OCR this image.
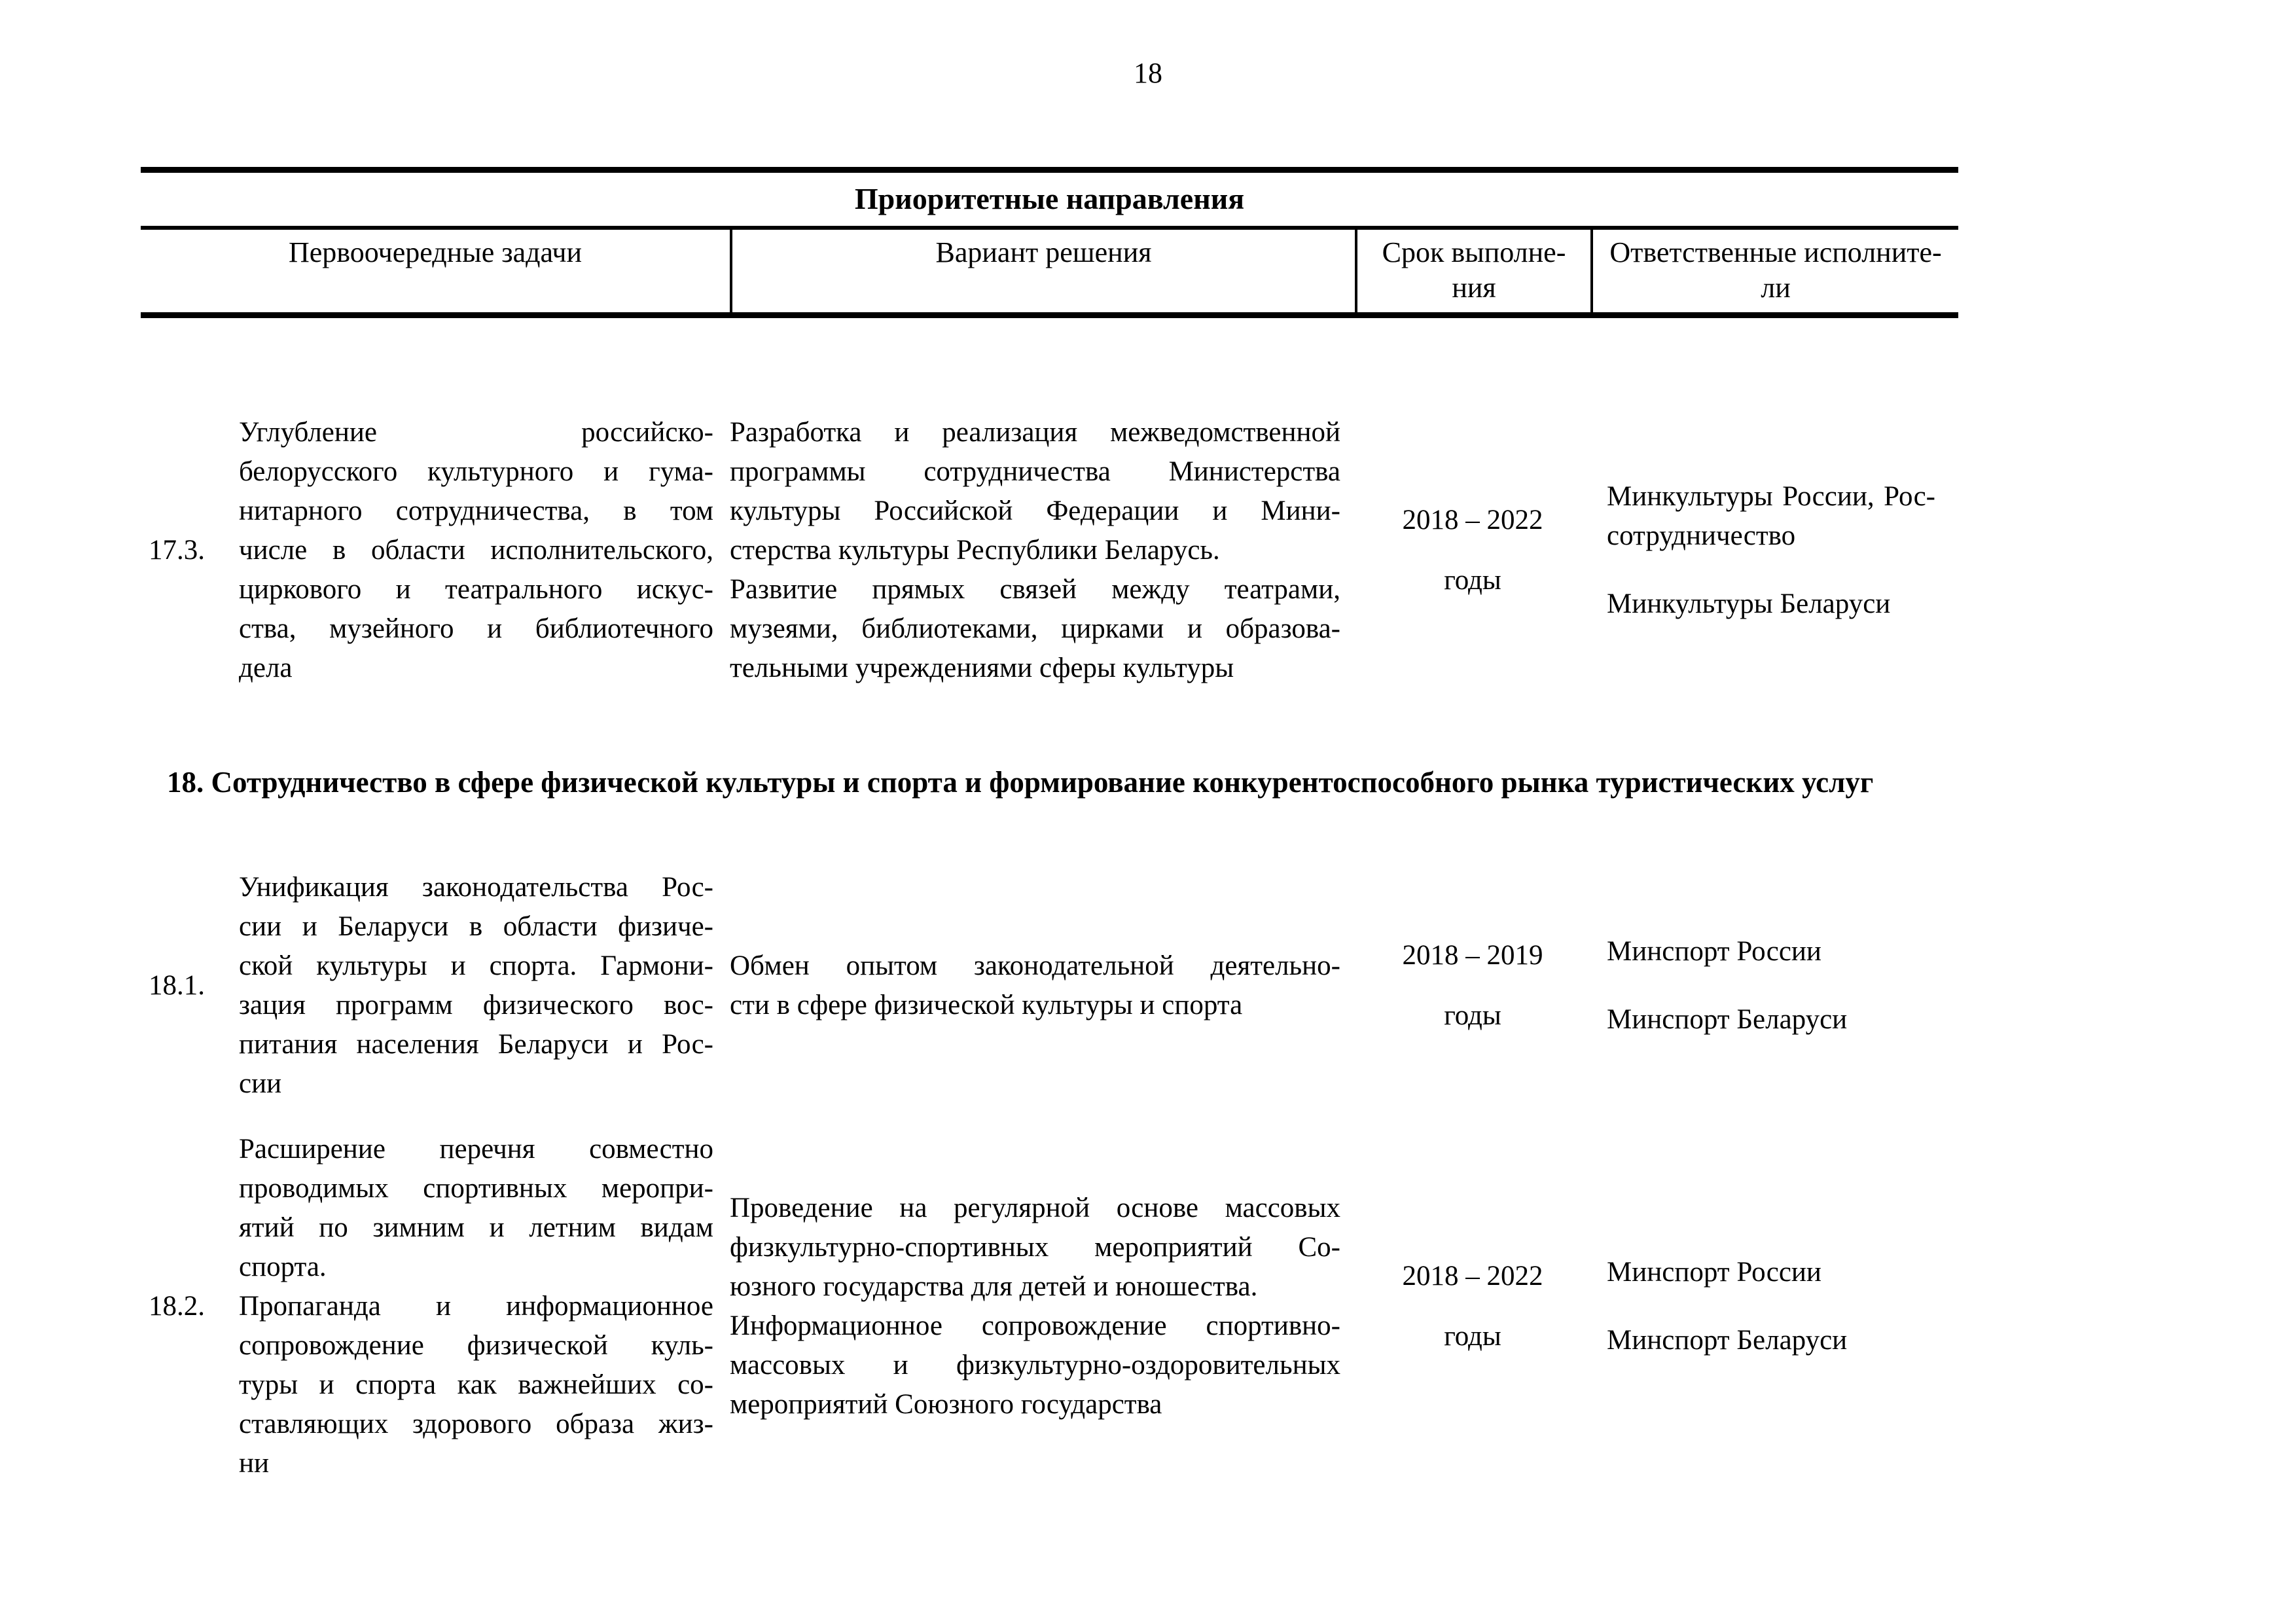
18
Приоритетные направления
Первоочередные задачи	Вариант решения	Срок выполне-
ния
Ответственные исполните-
ли
17.3.
Углубление российско-
белорусского культурного и гума-
нитарного сотрудничества, в том
числе в области исполнительского,
циркового и театрального искус-
ства, музейного и библиотечного
дела
Разработка и реализация межведомственной
программы сотрудничества Министерства
культуры Российской Федерации и Мини-
стерства культуры Республики Беларусь.
Развитие прямых связей между театрами,
музеями, библиотеками, цирками и образова-
тельными учреждениями сферы культуры
2018 – 2022
годы
Минкультуры России, Рос-
сотрудничество
Минкультуры Беларуси
18. Сотрудничество в сфере физической культуры и спорта и формирование конкурентоспособного рынка туристических услуг
18.1.
Унификация законодательства Рос-
сии и Беларуси в области физиче-
ской культуры и спорта. Гармони-
зация программ физического вос-
питания населения Беларуси и Рос-
сии
Обмен опытом законодательной деятельно-
сти в сфере физической культуры и спорта
2018 – 2019
годы
Минспорт России
Минспорт Беларуси
18.2.
Расширение перечня совместно
проводимых спортивных меропри-
ятий по зимним и летним видам
спорта.
Пропаганда и информационное
сопровождение физической куль-
туры и спорта как важнейших со-
ставляющих здорового образа жиз-
ни
Проведение на регулярной основе массовых
физкультурно-спортивных мероприятий Со-
юзного государства для детей и юношества.
Информационное сопровождение спортивно-
массовых и физкультурно-оздоровительных
мероприятий Союзного государства
2018 – 2022
годы
Минспорт России
Минспорт Беларуси
